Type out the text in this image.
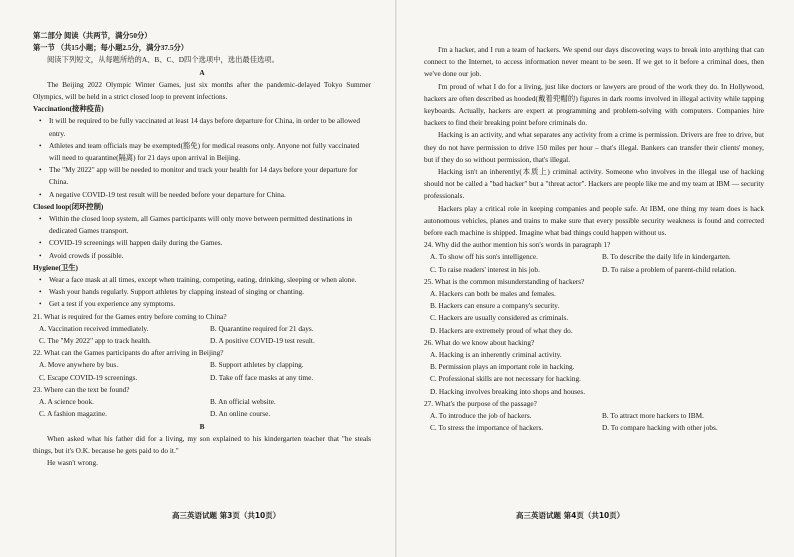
第二部分 阅读（共两节，满分50分）

第一节 （共15小题；每小题2.5分，满分37.5分）

阅读下列短文，从每题所给的A、B、C、D四个选项中，选出最佳选项。

A

The Beijing 2022 Olympic Winter Games, just six months after the pandemic-delayed Tokyo Summer Olympics, will be held in a strict closed loop to prevent infections.

Vaccination(接种疫苗)

• It will be required to be fully vaccinated at least 14 days before departure for China, in order to be allowed entry.
• Athletes and team officials may be exempted(豁免) for medical reasons only. Anyone not fully vaccinated will need to quarantine(隔离) for 21 days upon arrival in Beijing.
• The "My 2022" app will be needed to monitor and track your health for 14 days before your departure for China.
• A negative COVID-19 test result will be needed before your departure for China.

Closed loop(闭环控制)

• Within the closed loop system, all Games participants will only move between permitted destinations in dedicated Games transport.
• COVID-19 screenings will happen daily during the Games.
• Avoid crowds if possible.

Hygiene(卫生)

• Wear a face mask at all times, except when training, competing, eating, drinking, sleeping or when alone.
• Wash your hands regularly. Support athletes by clapping instead of singing or chanting.
• Get a test if you experience any symptoms.

21. What is required for the Games entry before coming to China?

A. Vaccination received immediately.	B. Quarantine required for 21 days.
C. The "My 2022" app to track health.	D. A positive COVID-19 test result.

22. What can the Games participants do after arriving in Beijing?

A. Move anywhere by bus.	B. Support athletes by clapping.
C. Escape COVID-19 screenings.	D. Take off face masks at any time.

23. Where can the text be found?

A. A science book.	B. An official website.
C. A fashion magazine.	D. An online course.

B

When asked what his father did for a living, my son explained to his kindergarten teacher that "he steals things, but it's O.K. because he gets paid to do it."

He wasn't wrong.

高三英语试题 第3页（共10页）

I'm a hacker, and I run a team of hackers. We spend our days discovering ways to break into anything that can connect to the Internet, to access information never meant to be seen. If we get to it before a criminal does, then we've done our job.

I'm proud of what I do for a living, just like doctors or lawyers are proud of the work they do. In Hollywood, hackers are often described as hooded(戴着兜帽的) figures in dark rooms involved in illegal activity while tapping keyboards. Actually, hackers are expert at programming and problem-solving with computers. Companies hire hackers to find their breaking point before criminals do.

Hacking is an activity, and what separates any activity from a crime is permission. Drivers are free to drive, but they do not have permission to drive 150 miles per hour – that's illegal. Bankers can transfer their clients' money, but if they do so without permission, that's illegal.

Hacking isn't an inherently(本质上) criminal activity. Someone who involves in the illegal use of hacking should not be called a "bad hacker" but a "threat actor". Hackers are people like me and my team at IBM — security professionals.

Hackers play a critical role in keeping companies and people safe. At IBM, one thing my team does is hack autonomous vehicles, planes and trains to make sure that every possible security weakness is found and corrected before each machine is shipped. Imagine what bad things could happen without us.

24. Why did the author mention his son's words in paragraph 1?

A. To show off his son's intelligence.	B. To describe the daily life in kindergarten.
C. To raise readers' interest in his job.	D. To raise a problem of parent-child relation.

25. What is the common misunderstanding of hackers?

A. Hackers can both be males and females.

B. Hackers can ensure a company's security.

C. Hackers are usually considered as criminals.

D. Hackers are extremely proud of what they do.

26. What do we know about hacking?

A. Hacking is an inherently criminal activity.

B. Permission plays an important role in hacking.

C. Professional skills are not necessary for hacking.

D. Hacking involves breaking into shops and houses.

27. What's the purpose of the passage?

A. To introduce the job of hackers.	B. To attract more hackers to IBM.
C. To stress the importance of hackers.	D. To compare hacking with other jobs.
高三英语试题 第4页（共10页）
